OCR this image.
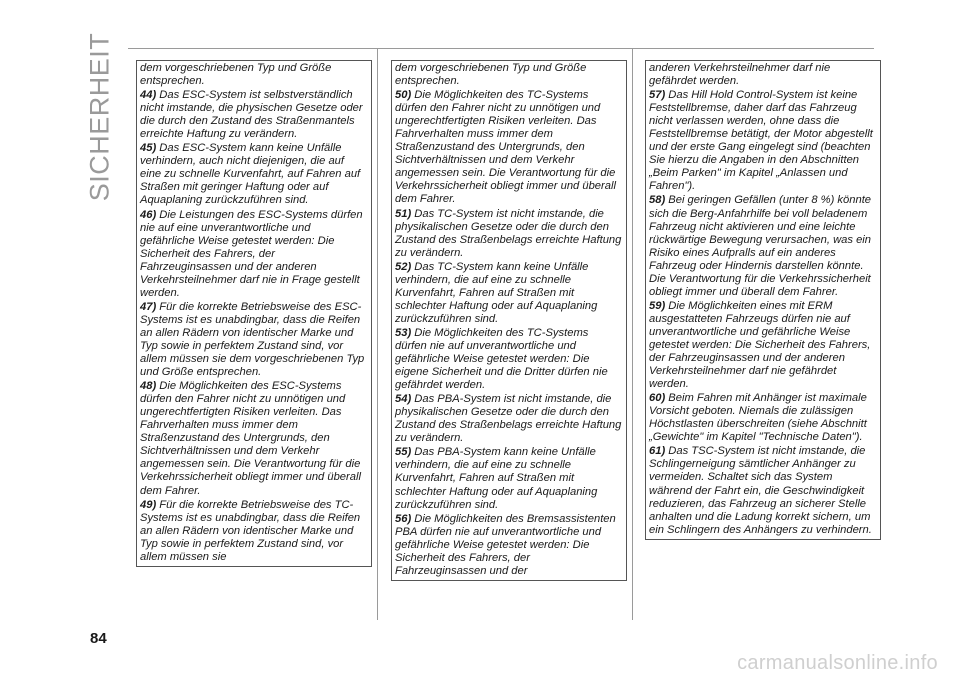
SICHERHEIT dem vorgeschriebenen Typ und Größe entsprechen.

44) Das ESC-System ist selbstverständlich nicht imstande, die physischen Gesetze oder die durch den Zustand des Straßenmantels erreichte Haftung zu verändern.

45) Das ESC-System kann keine Unfälle verhindern, auch nicht diejenigen, die auf eine zu schnelle Kurvenfahrt, auf Fahren auf Straßen mit geringer Haftung oder auf Aquaplaning zurückzuführen sind.

46) Die Leistungen des ESC-Systems dürfen nie auf eine unverantwortliche und gefährliche Weise getestet werden: Die Sicherheit des Fahrers, der Fahrzeuginsassen und der anderen Verkehrsteilnehmer darf nie in Frage gestellt werden.

47) Für die korrekte Betriebsweise des ESC-Systems ist es unabdingbar, dass die Reifen an allen Rädern von identischer Marke und Typ sowie in perfektem Zustand sind, vor allem müssen sie dem vorgeschriebenen Typ und Größe entsprechen.

48) Die Möglichkeiten des ESC-Systems dürfen den Fahrer nicht zu unnötigen und ungerechtfertigten Risiken verleiten. Das Fahrverhalten muss immer dem Straßenzustand des Untergrunds, den Sichtverhältnissen und dem Verkehr angemessen sein. Die Verantwortung für die Verkehrssicherheit obliegt immer und überall dem Fahrer.

49) Für die korrekte Betriebsweise des TC-Systems ist es unabdingbar, dass die Reifen an allen Rädern von identischer Marke und Typ sowie in perfektem Zustand sind, vor allem müssen sie

dem vorgeschriebenen Typ und Größe entsprechen.

50) Die Möglichkeiten des TC-Systems dürfen den Fahrer nicht zu unnötigen und ungerechtfertigten Risiken verleiten. Das Fahrverhalten muss immer dem Straßenzustand des Untergrunds, den Sichtverhältnissen und dem Verkehr angemessen sein. Die Verantwortung für die Verkehrssicherheit obliegt immer und überall dem Fahrer.

51) Das TC-System ist nicht imstande, die physikalischen Gesetze oder die durch den Zustand des Straßenbelags erreichte Haftung zu verändern.

52) Das TC-System kann keine Unfälle verhindern, die auf eine zu schnelle Kurvenfahrt, Fahren auf Straßen mit schlechter Haftung oder auf Aquaplaning zurückzuführen sind.

53) Die Möglichkeiten des TC-Systems dürfen nie auf unverantwortliche und gefährliche Weise getestet werden: Die eigene Sicherheit und die Dritter dürfen nie gefährdet werden.

54) Das PBA-System ist nicht imstande, die physikalischen Gesetze oder die durch den Zustand des Straßenbelags erreichte Haftung zu verändern.

55) Das PBA-System kann keine Unfälle verhindern, die auf eine zu schnelle Kurvenfahrt, Fahren auf Straßen mit schlechter Haftung oder auf Aquaplaning zurückzuführen sind.

56) Die Möglichkeiten des Bremsassistenten PBA dürfen nie auf unverantwortliche und gefährliche Weise getestet werden: Die Sicherheit des Fahrers, der Fahrzeuginsassen und der

anderen Verkehrsteilnehmer darf nie gefährdet werden.

57) Das Hill Hold Control-System ist keine Feststellbremse, daher darf das Fahrzeug nicht verlassen werden, ohne dass die Feststellbremse betätigt, der Motor abgestellt und der erste Gang eingelegt sind (beachten Sie hierzu die Angaben in den Abschnitten „Beim Parken" im Kapitel „Anlassen und Fahren").

58) Bei geringen Gefällen (unter 8 %) könnte sich die Berg-Anfahrhilfe bei voll beladenem Fahrzeug nicht aktivieren und eine leichte rückwärtige Bewegung verursachen, was ein Risiko eines Aufpralls auf ein anderes Fahrzeug oder Hindernis darstellen könnte. Die Verantwortung für die Verkehrssicherheit obliegt immer und überall dem Fahrer.

59) Die Möglichkeiten eines mit ERM ausgestatteten Fahrzeugs dürfen nie auf unverantwortliche und gefährliche Weise getestet werden: Die Sicherheit des Fahrers, der Fahrzeuginsassen und der anderen Verkehrsteilnehmer darf nie gefährdet werden.

60) Beim Fahren mit Anhänger ist maximale Vorsicht geboten. Niemals die zulässigen Höchstlasten überschreiten (siehe Abschnitt „Gewichte" im Kapitel "Technische Daten").

61) Das TSC-System ist nicht imstande, die Schlingerneigung sämtlicher Anhänger zu vermeiden. Schaltet sich das System während der Fahrt ein, die Geschwindigkeit reduzieren, das Fahrzeug an sicherer Stelle anhalten und die Ladung korrekt sichern, um ein Schlingern des Anhängers zu verhindern.

84
carmanualsonline.info
